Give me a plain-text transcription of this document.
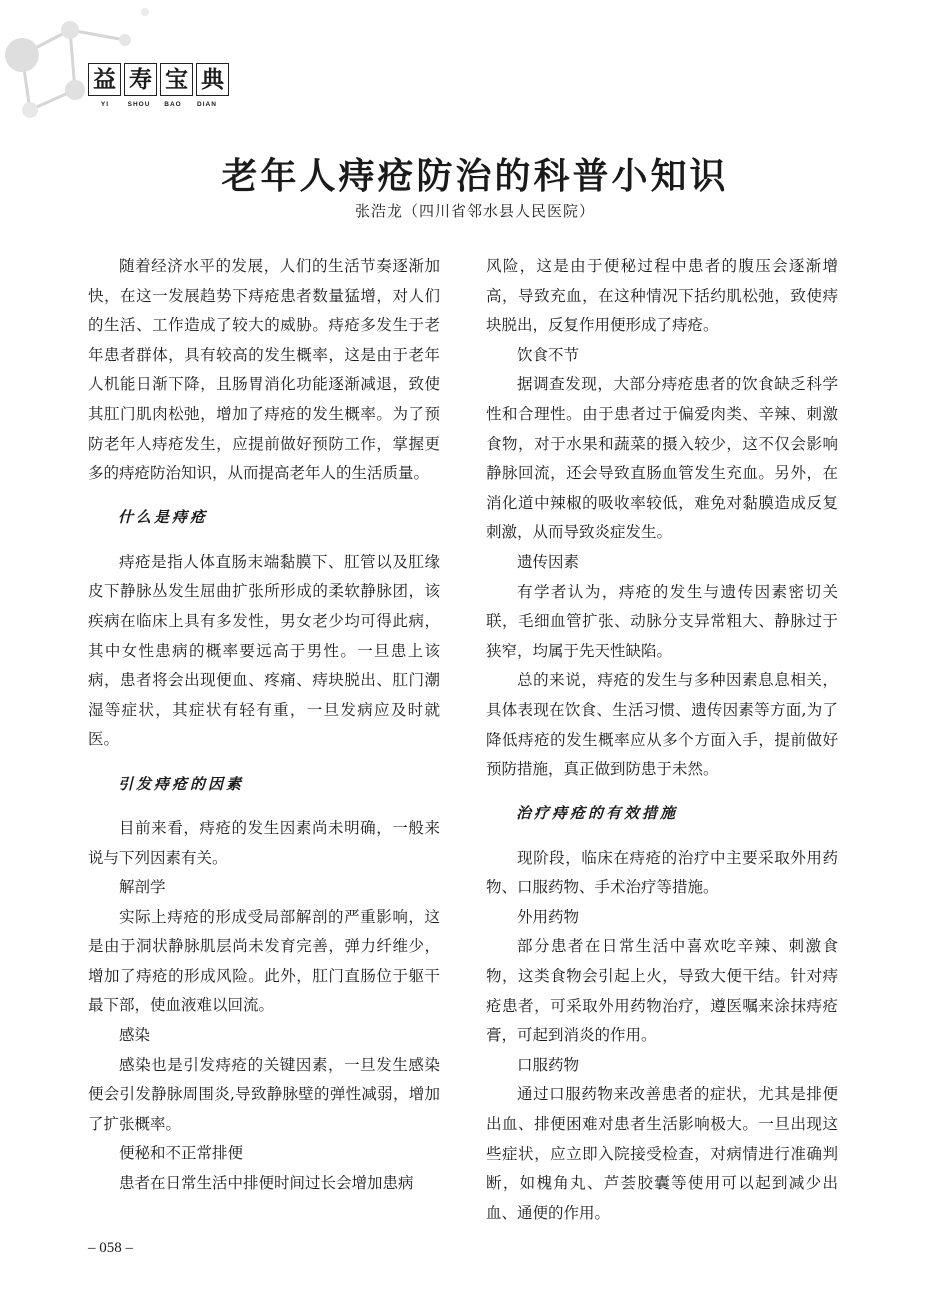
益 寿 宝 典
YI	SHOU	BAO	DIAN
老年人痔疮防治的科普小知识
张浩龙（四川省邻水县人民医院）

随着经济水平的发展，人们的生活节奏逐渐加快，在这一发展趋势下痔疮患者数量猛增，对人们的生活、工作造成了较大的威胁。痔疮多发生于老年患者群体，具有较高的发生概率，这是由于老年人机能日渐下降，且肠胃消化功能逐渐减退，致使其肛门肌肉松弛，增加了痔疮的发生概率。为了预防老年人痔疮发生，应提前做好预防工作，掌握更多的痔疮防治知识，从而提高老年人的生活质量。

什么是痔疮

痔疮是指人体直肠末端黏膜下、肛管以及肛缘皮下静脉丛发生屈曲扩张所形成的柔软静脉团，该疾病在临床上具有多发性，男女老少均可得此病，其中女性患病的概率要远高于男性。一旦患上该病，患者将会出现便血、疼痛、痔块脱出、肛门潮湿等症状，其症状有轻有重，一旦发病应及时就医。

引发痔疮的因素

目前来看，痔疮的发生因素尚未明确，一般来说与下列因素有关。

解剖学

实际上痔疮的形成受局部解剖的严重影响，这是由于洞状静脉肌层尚未发育完善，弹力纤维少，增加了痔疮的形成风险。此外，肛门直肠位于躯干最下部，使血液难以回流。

感染

感染也是引发痔疮的关键因素，一旦发生感染便会引发静脉周围炎,导致静脉壁的弹性减弱，增加了扩张概率。

便秘和不正常排便

患者在日常生活中排便时间过长会增加患病

风险，这是由于便秘过程中患者的腹压会逐渐增高，导致充血，在这种情况下括约肌松弛，致使痔块脱出，反复作用便形成了痔疮。

饮食不节

据调查发现，大部分痔疮患者的饮食缺乏科学性和合理性。由于患者过于偏爱肉类、辛辣、刺激食物，对于水果和蔬菜的摄入较少，这不仅会影响静脉回流，还会导致直肠血管发生充血。另外，在消化道中辣椒的吸收率较低，难免对黏膜造成反复刺激，从而导致炎症发生。

遗传因素

有学者认为，痔疮的发生与遗传因素密切关联，毛细血管扩张、动脉分支异常粗大、静脉过于狭窄，均属于先天性缺陷。

总的来说，痔疮的发生与多种因素息息相关，具体表现在饮食、生活习惯、遗传因素等方面,为了降低痔疮的发生概率应从多个方面入手，提前做好预防措施，真正做到防患于未然。

治疗痔疮的有效措施

现阶段，临床在痔疮的治疗中主要采取外用药物、口服药物、手术治疗等措施。

外用药物

部分患者在日常生活中喜欢吃辛辣、刺激食物，这类食物会引起上火，导致大便干结。针对痔疮患者，可采取外用药物治疗，遵医嘱来涂抹痔疮膏，可起到消炎的作用。

口服药物

通过口服药物来改善患者的症状，尤其是排便出血、排便困难对患者生活影响极大。一旦出现这些症状，应立即入院接受检查，对病情进行准确判断，如槐角丸、芦荟胶囊等使用可以起到减少出血、通便的作用。

– 058 –
